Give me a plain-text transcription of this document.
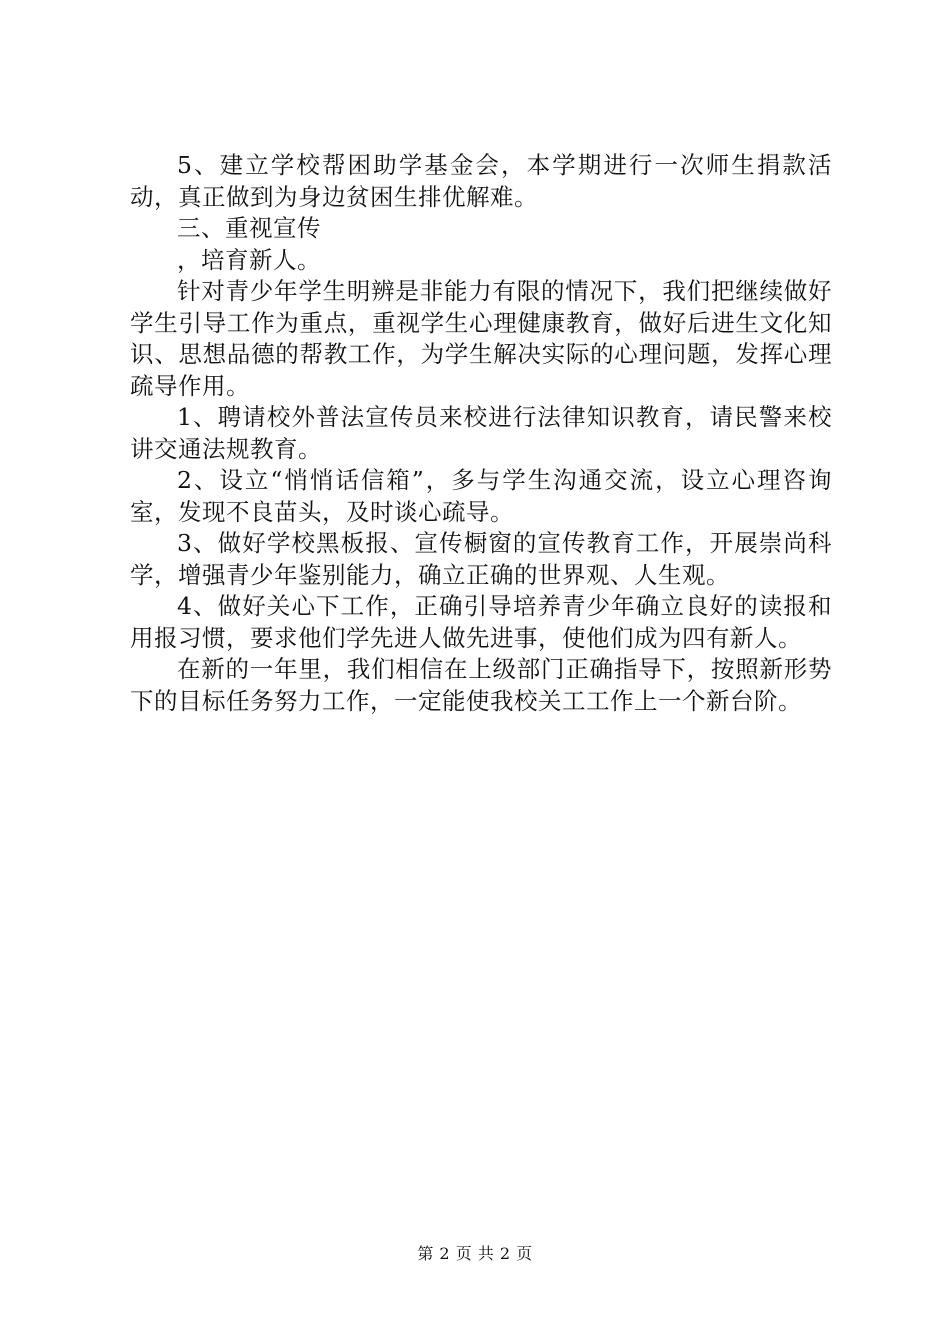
5、建立学校帮困助学基金会，本学期进行一次师生捐款活动，真正做到为身边贫困生排优解难。

三、重视宣传

，培育新人。

针对青少年学生明辨是非能力有限的情况下，我们把继续做好学生引导工作为重点，重视学生心理健康教育，做好后进生文化知识、思想品德的帮教工作，为学生解决实际的心理问题，发挥心理疏导作用。

1、聘请校外普法宣传员来校进行法律知识教育，请民警来校讲交通法规教育。

2、设立“悄悄话信箱”，多与学生沟通交流，设立心理咨询室，发现不良苗头，及时谈心疏导。

3、做好学校黑板报、宣传橱窗的宣传教育工作，开展崇尚科学，增强青少年鉴别能力，确立正确的世界观、人生观。

4、做好关心下工作，正确引导培养青少年确立良好的读报和用报习惯，要求他们学先进人做先进事，使他们成为四有新人。

在新的一年里，我们相信在上级部门正确指导下，按照新形势下的目标任务努力工作，一定能使我校关工工作上一个新台阶。

第 2 页 共 2 页
